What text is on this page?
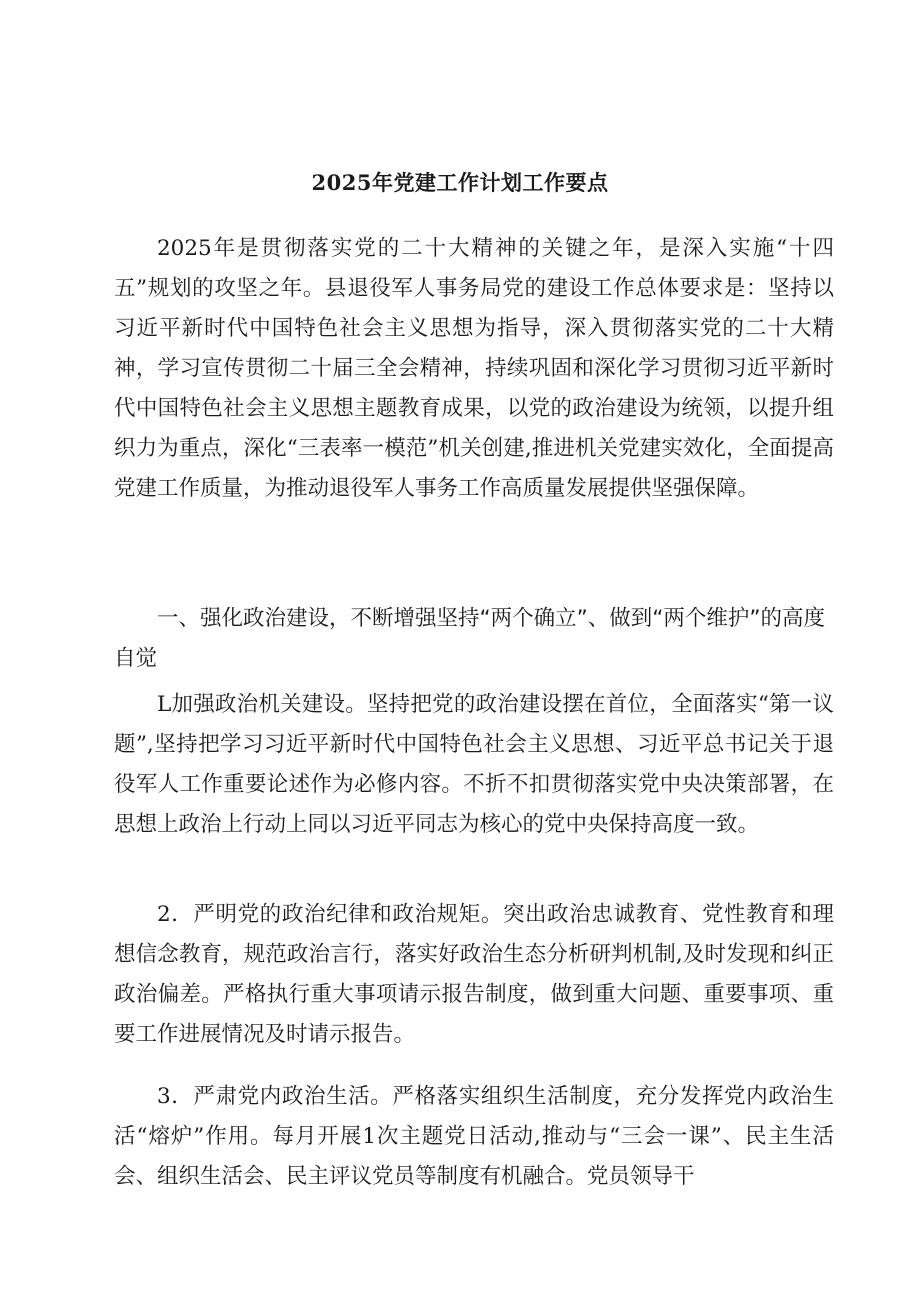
2025年党建工作计划工作要点

2025年是贯彻落实党的二十大精神的关键之年，是深入实施“十四五”规划的攻坚之年。县退役军人事务局党的建设工作总体要求是：坚持以习近平新时代中国特色社会主义思想为指导，深入贯彻落实党的二十大精神，学习宣传贯彻二十届三全会精神，持续巩固和深化学习贯彻习近平新时代中国特色社会主义思想主题教育成果，以党的政治建设为统领，以提升组织力为重点，深化“三表率一模范”机关创建,推进机关党建实效化，全面提高党建工作质量，为推动退役军人事务工作高质量发展提供坚强保障。

一、强化政治建设，不断增强坚持“两个确立”、做到“两个维护”的高度自觉

L加强政治机关建设。坚持把党的政治建设摆在首位，全面落实“第一议题”,坚持把学习习近平新时代中国特色社会主义思想、习近平总书记关于退役军人工作重要论述作为必修内容。不折不扣贯彻落实党中央决策部署，在思想上政治上行动上同以习近平同志为核心的党中央保持高度一致。

2．严明党的政治纪律和政治规矩。突出政治忠诚教育、党性教育和理想信念教育，规范政治言行，落实好政治生态分析研判机制,及时发现和纠正政治偏差。严格执行重大事项请示报告制度，做到重大问题、重要事项、重要工作进展情况及时请示报告。

3．严肃党内政治生活。严格落实组织生活制度，充分发挥党内政治生活“熔炉”作用。每月开展1次主题党日活动,推动与“三会一课”、民主生活会、组织生活会、民主评议党员等制度有机融合。党员领导干
